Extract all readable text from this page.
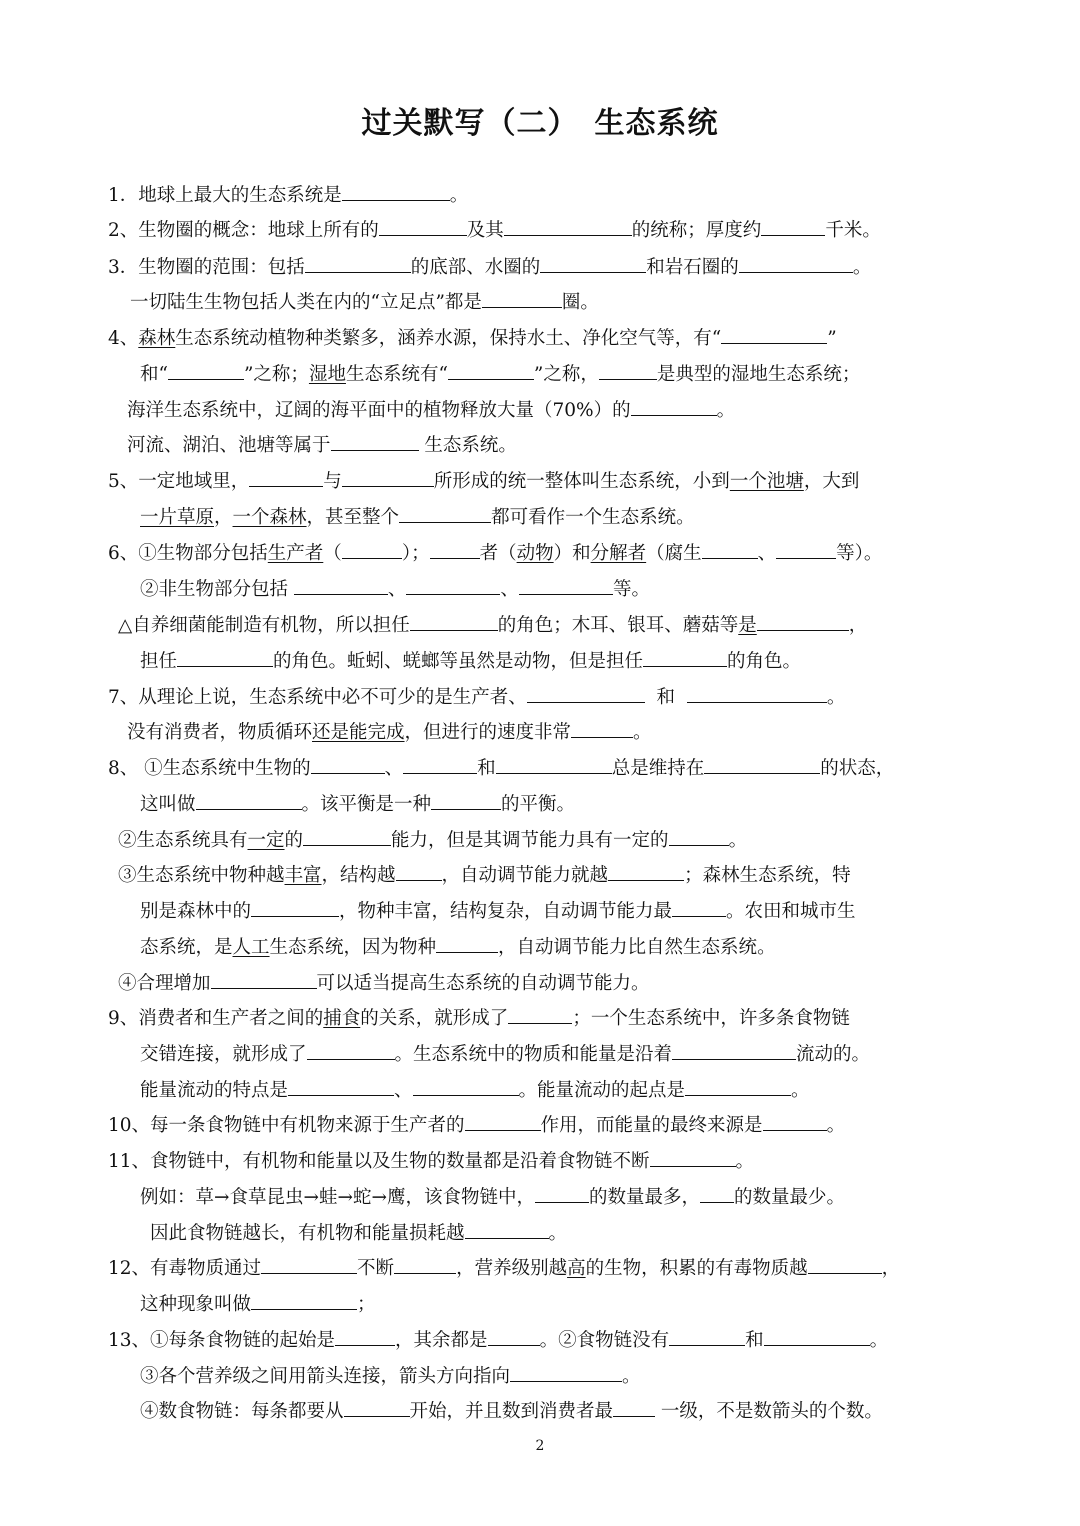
过关默写（二）　生态系统
1．地球上最大的生态系统是	。
2、生物圈的概念：地球上所有的	及其	的统称；厚度约	千米。
3．生物圈的范围：包括	的底部、水圈的	和岩石圈的	。
一切陆生生物包括人类在内的“立足点”都是	圈。
4、森林生态系统动植物种类繁多，涵养水源，保持水土、净化空气等，有“	”
和“	”之称；湿地生态系统有“	”之称，	是典型的湿地生态系统；
海洋生态系统中，辽阔的海平面中的植物释放大量（70%）的	。
河流、湖泊、池塘等属于	生态系统。
5、一定地域里，	与	所形成的统一整体叫生态系统，小到一个池塘，大到
一片草原，一个森林，甚至整个	都可看作一个生态系统。
6、①生物部分包括生产者（	）；	者（动物）和分解者（腐生	、	等）。
②非生物部分包括	、	、	等。
△自养细菌能制造有机物，所以担任	的角色；木耳、银耳、蘑菇等是	，
担任	的角色。蚯蚓、蜣螂等虽然是动物，但是担任	的角色。
7、从理论上说，生态系统中必不可少的是生产者、	和	。
没有消费者，物质循环还是能完成，但进行的速度非常	。
8、 ①生态系统中生物的	、	和	总是维持在	的状态，
这叫做	。该平衡是一种	的平衡。
②生态系统具有一定的	能力，但是其调节能力具有一定的	。
③生态系统中物种越丰富，结构越 ，自动调节能力就越	；森林生态系统，特
别是森林中的	，物种丰富，结构复杂，自动调节能力最	。农田和城市生
态系统，是人工生态系统，因为物种	，自动调节能力比自然生态系统。
④合理增加	可以适当提高生态系统的自动调节能力。
9、消费者和生产者之间的捕食的关系，就形成了	；一个生态系统中，许多条食物链
交错连接，就形成了	。生态系统中的物质和能量是沿着	流动的。
能量流动的特点是	、	。能量流动的起点是	。
10、每一条食物链中有机物来源于生产者的	作用，而能量的最终来源是	。
11、食物链中，有机物和能量以及生物的数量都是沿着食物链不断	。
例如：草→食草昆虫→蛙→蛇→鹰，该食物链中，	的数量最多， 的数量最少。
因此食物链越长，有机物和能量损耗越	。
12、有毒物质通过	不断	，营养级别越高的生物，积累的有毒物质越	，
这种现象叫做	；
13、①每条食物链的起始是	，其余都是	。②食物链没有	和	。
③各个营养级之间用箭头连接，箭头方向指向	。
④数食物链：每条都要从	开始，并且数到消费者最	一级，不是数箭头的个数。
2
